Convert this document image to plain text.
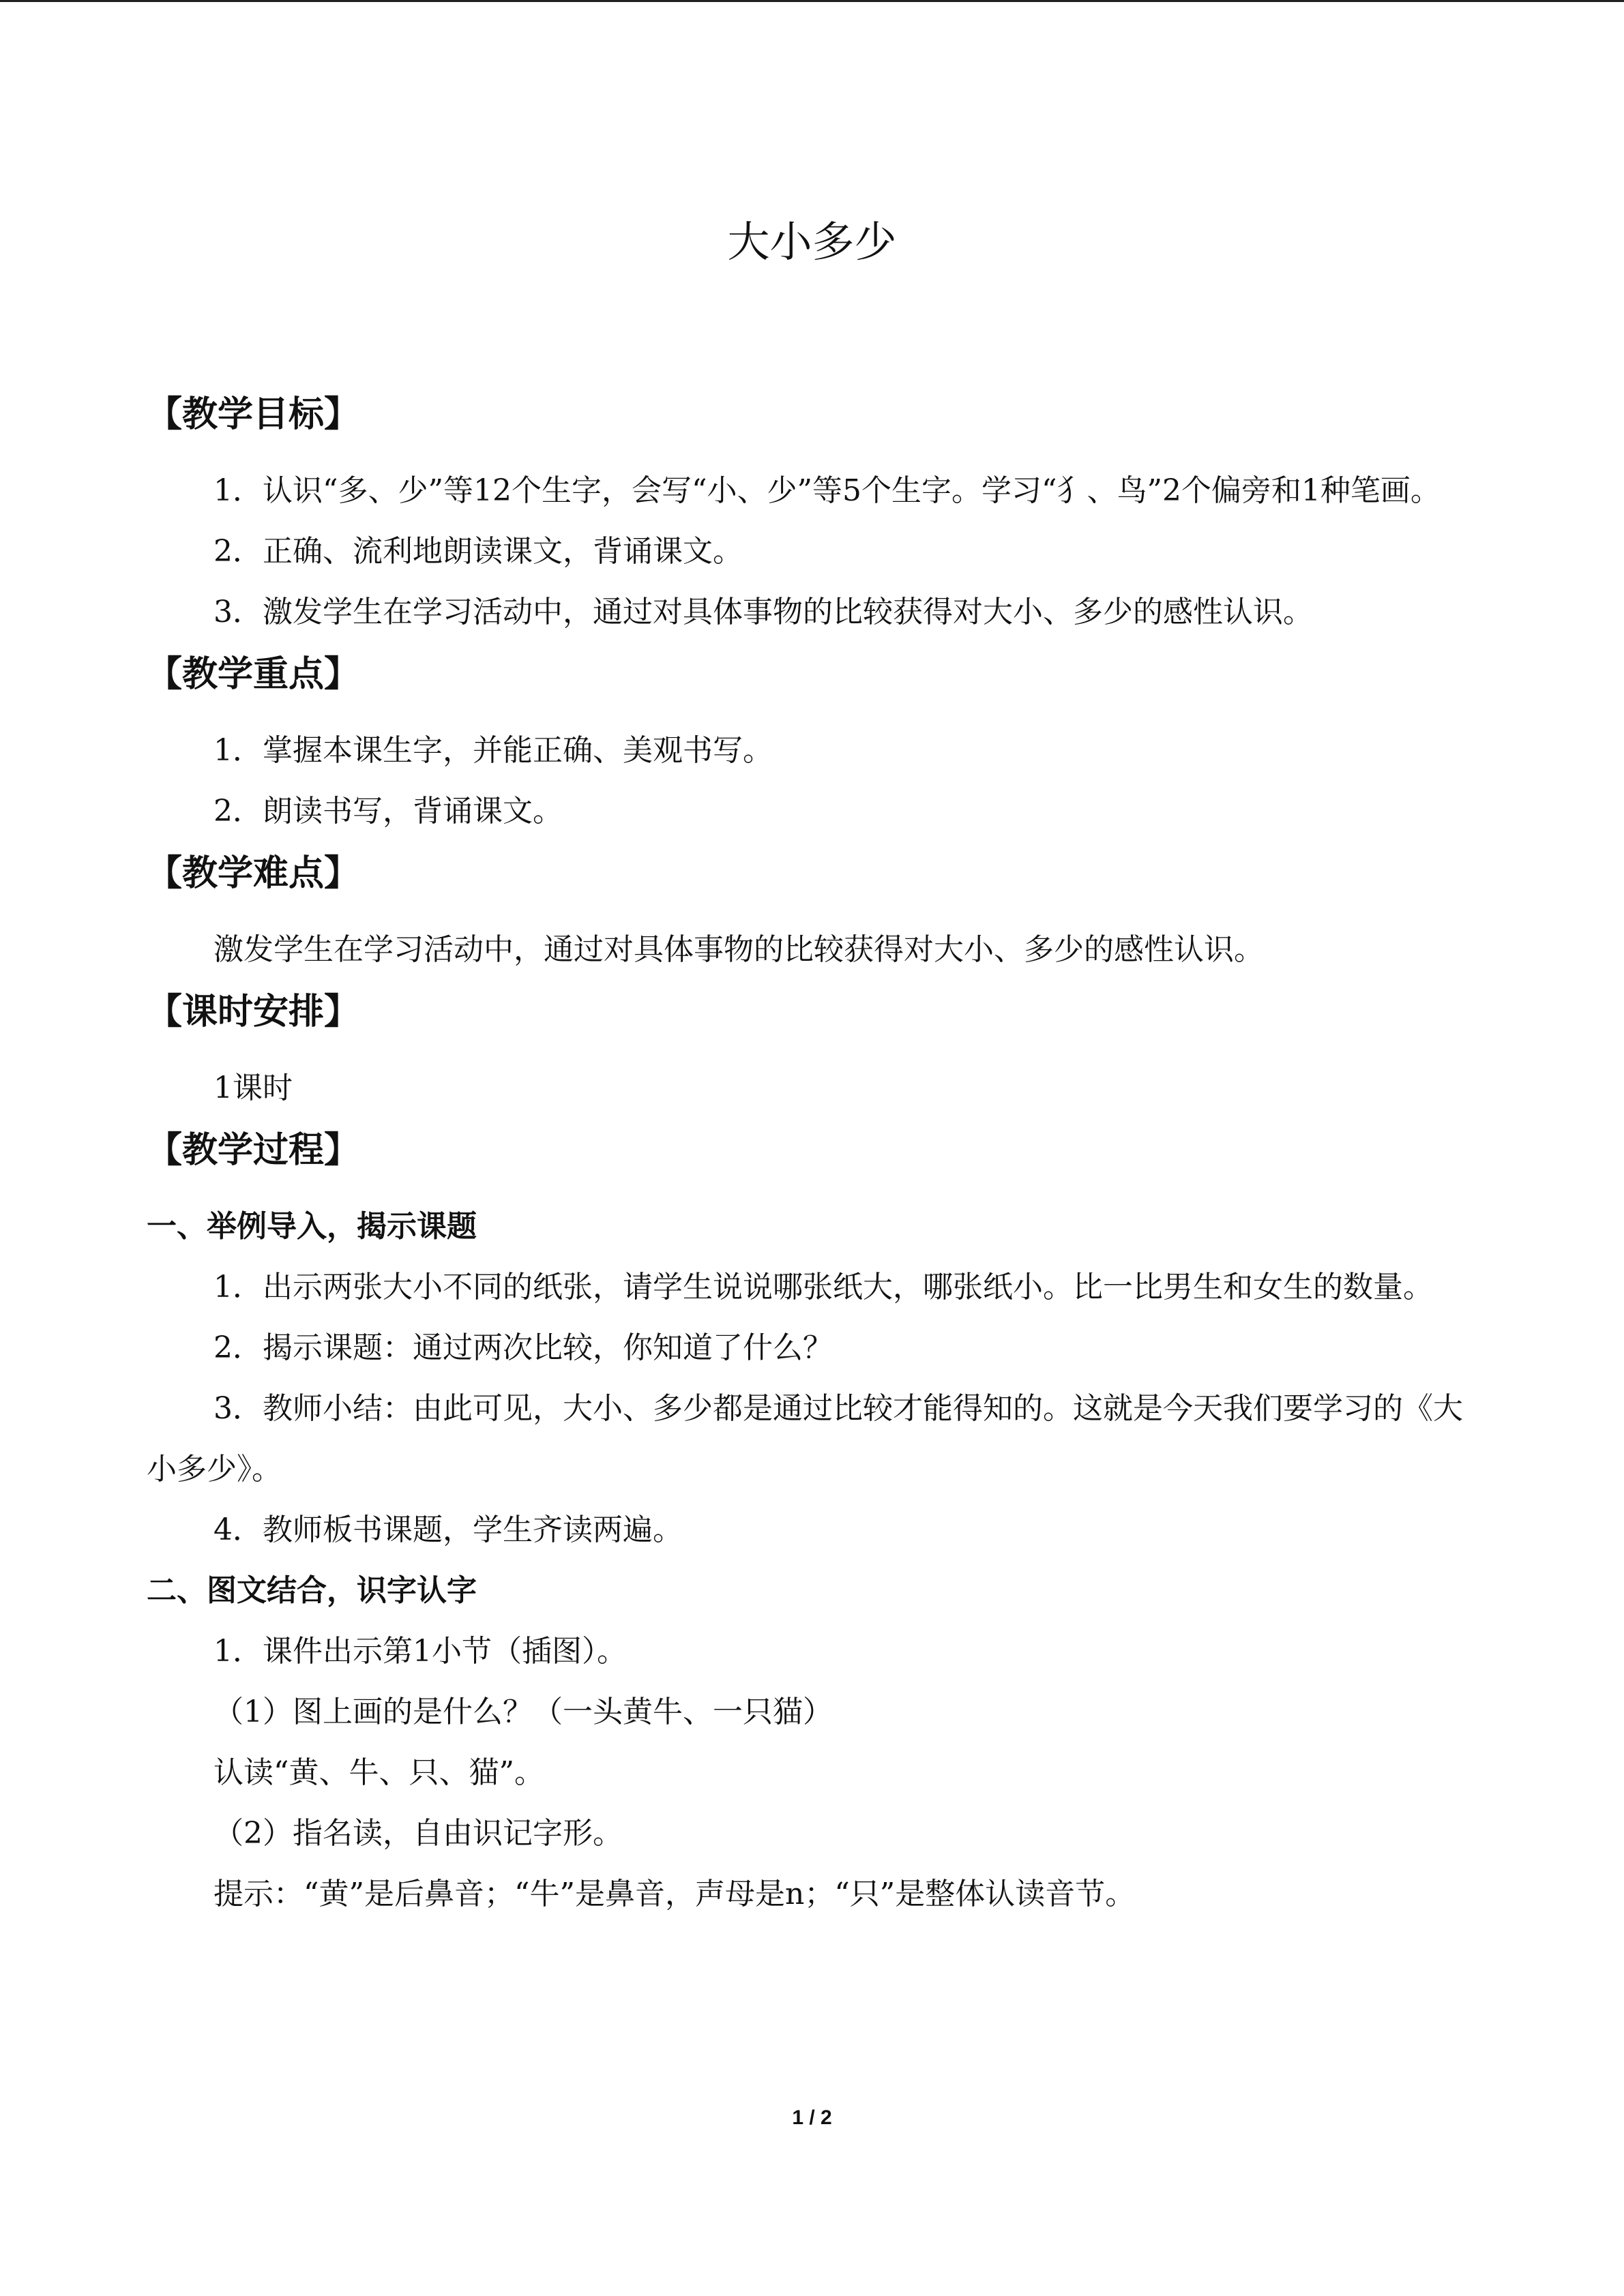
大小多少
【教学目标】

1．认识“多、少”等12个生字，会写“小、少”等5个生字。学习“犭、鸟”2个偏旁和1种笔画。

2．正确、流利地朗读课文，背诵课文。

3．激发学生在学习活动中，通过对具体事物的比较获得对大小、多少的感性认识。

【教学重点】

1．掌握本课生字，并能正确、美观书写。

2．朗读书写，背诵课文。

【教学难点】

激发学生在学习活动中，通过对具体事物的比较获得对大小、多少的感性认识。

【课时安排】

1课时

【教学过程】
一、举例导入，揭示课题

1．出示两张大小不同的纸张，请学生说说哪张纸大，哪张纸小。比一比男生和女生的数量。

2．揭示课题：通过两次比较，你知道了什么？

3．教师小结：由此可见，大小、多少都是通过比较才能得知的。这就是今天我们要学习的《大小多少》。

4．教师板书课题，学生齐读两遍。

二、图文结合，识字认字

1．课件出示第1小节（插图）。

（1）图上画的是什么？（一头黄牛、一只猫）

认读“黄、牛、只、猫”。

（2）指名读，自由识记字形。

提示：“黄”是后鼻音；“牛”是鼻音，声母是n；“只”是整体认读音节。

1 / 2
